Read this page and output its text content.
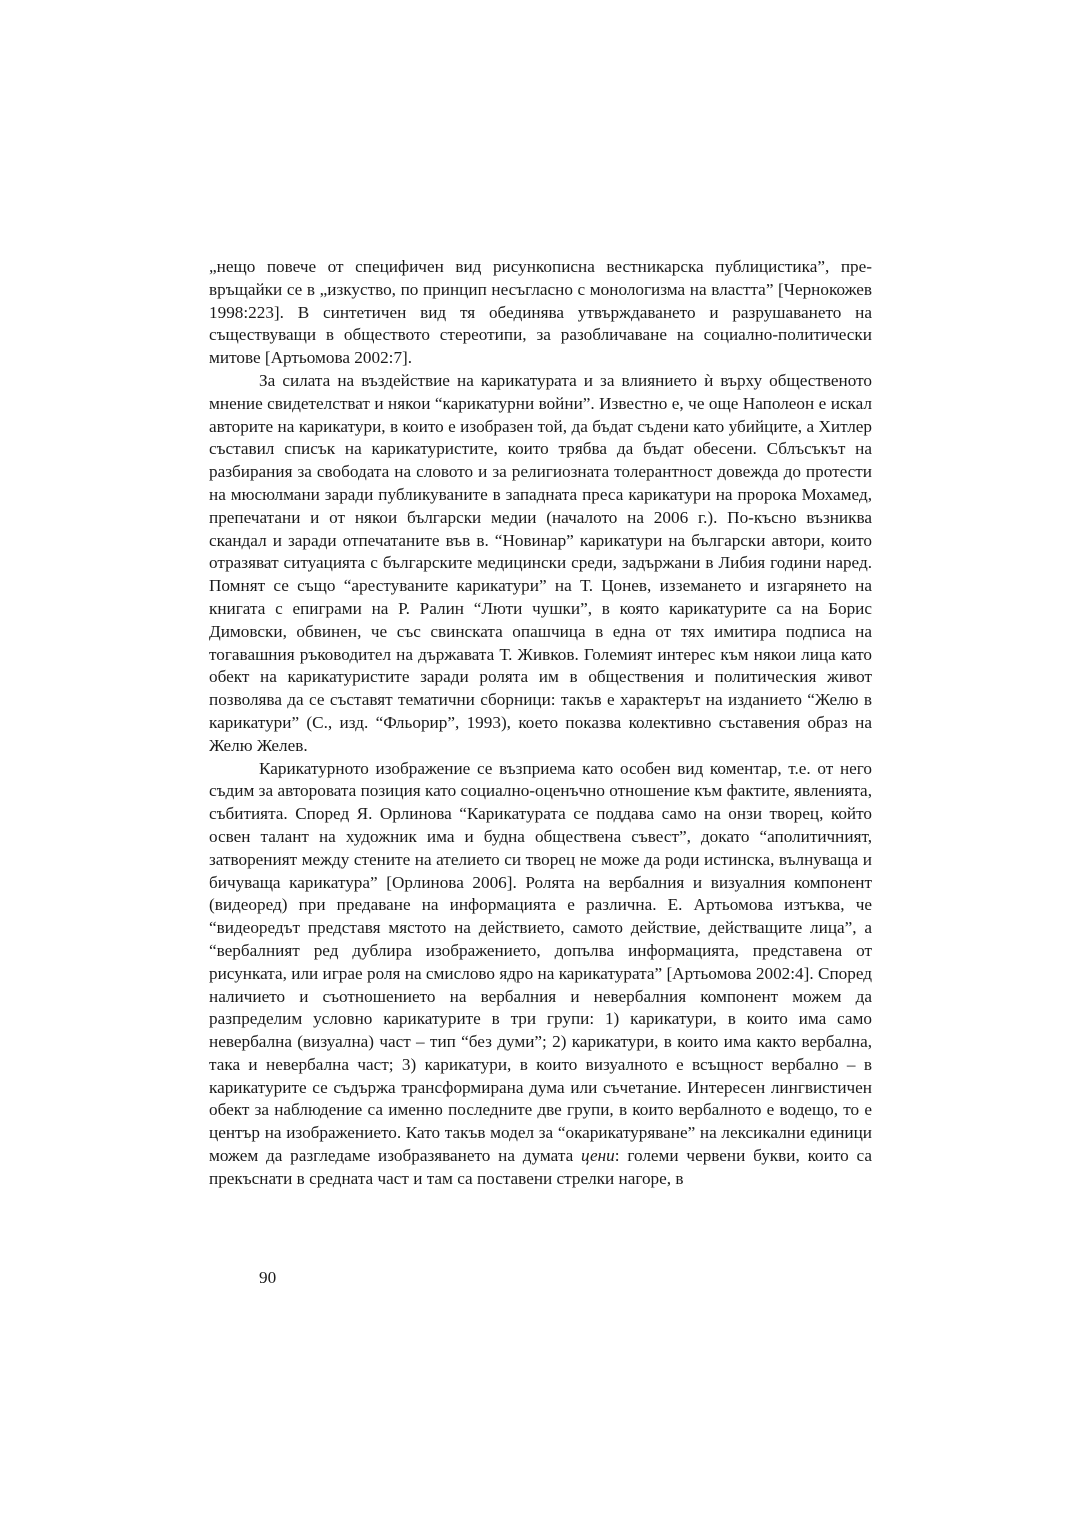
„нещо повече от специфичен вид рисункописна вестникарска публицистика”, превръщайки се в „изкуство, по принцип несъгласно с монологизма на властта” [Чернокожев 1998:223]. В синтетичен вид тя обединява утвърждаването и разрушаването на съществуващи в обществото стереотипи, за разобличаване на социално-политически митове [Артьомова 2002:7].

За силата на въздействие на карикатурата и за влиянието ѝ върху общественото мнение свидетелстват и някои “карикатурни войни”. Известно е, че още Наполеон е искал авторите на карикатури, в които е изобразен той, да бъдат съдени като убийците, а Хитлер съставил списък на карикатуристите, които трябва да бъдат обесени. Сблъсъкът на разбирания за свободата на словото и за религиозната толерантност довежда до протести на мюсюлмани заради публикуваните в западната преса карикатури на пророка Мохамед, препечатани и от някои български медии (началото на 2006 г.). По-късно възниква скандал и заради отпечатаните във в. “Новинар” карикатури на български автори, които отразяват ситуацията с българските медицински среди, задържани в Либия години наред. Помнят се също “арестуваните карикатури” на Т. Цонев, изземането и изгарянето на книгата с епиграми на Р. Ралин “Люти чушки”, в която карикатурите са на Борис Димовски, обвинен, че със свинската опашчица в една от тях имитира подписа на тогавашния ръководител на държавата Т. Живков. Големият интерес към някои лица като обект на карикатуристите заради ролята им в обществения и политическия живот позволява да се съставят тематични сборници: такъв е характерът на изданието “Желю в карикатури” (С., изд. “Фльорир”, 1993), което показва колективно съставения образ на Желю Желев.

Карикатурното изображение се възприема като особен вид коментар, т.е. от него съдим за авторовата позиция като социално-оценъчно отношение към фактите, явленията, събитията. Според Я. Орлинова “Карикатурата се поддава само на онзи творец, който освен талант на художник има и будна обществена съвест”, докато “аполитичният, затвореният между стените на ателието си творец не може да роди истинска, вълнуваща и бичуваща карикатура” [Орлинова 2006]. Ролята на вербалния и визуалния компонент (видеоред) при предаване на информацията е различна. Е. Артьомова изтъква, че “видеоредът представя мястото на действието, самото действие, действащите лица”, а “вербалният ред дублира изображението, допълва информацията, представена от рисунката, или играе роля на смислово ядро на карикатурата” [Артьомова 2002:4]. Според наличието и съотношението на вербалния и невербалния компонент можем да разпределим условно карикатурите в три групи: 1) карикатури, в които има само невербална (визуална) част – тип “без думи”; 2) карикатури, в които има както вербална, така и невербална част; 3) карикатури, в които визуалното е всъщност вербално – в карикатурите се съдържа трансформирана дума или съчетание. Интересен лингвистичен обект за наблюдение са именно последните две групи, в които вербалното е водещо, то е център на изображението. Като такъв модел за “окарикатуряване” на лексикални единици можем да разгледаме изобразяването на думата цени: големи червени букви, които са прекъснати в средната част и там са поставени стрелки нагоре, в

90
